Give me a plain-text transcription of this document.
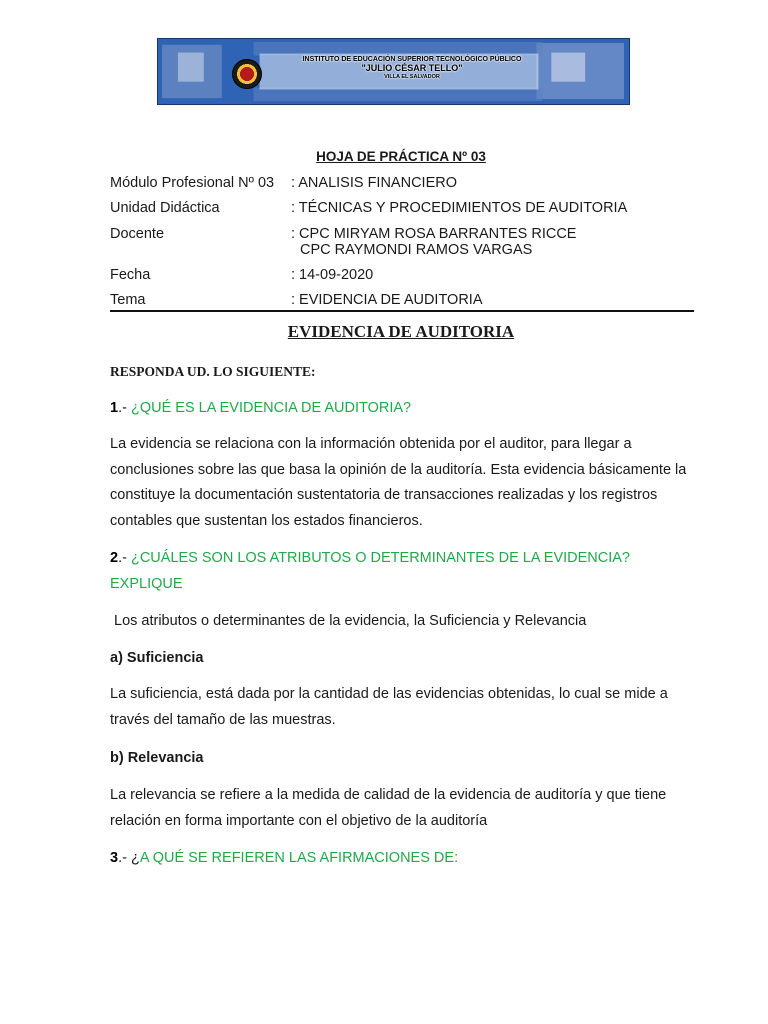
INSTITUTO DE EDUCACIÓN SUPERIOR TECNOLÓGICO PÚBLICO
"JULIO CÉSAR TELLO"
VILLA EL SALVADOR
HOJA DE PRÁCTICA Nº 03
Módulo Profesional Nº 03 : ANALISIS FINANCIERO
Unidad Didáctica	: TÉCNICAS Y PROCEDIMIENTOS DE AUDITORIA
Docente	: CPC MIRYAM ROSA BARRANTES RICCE
CPC RAYMONDI RAMOS VARGAS
Fecha	: 14-09-2020
Tema	: EVIDENCIA DE AUDITORIA
EVIDENCIA DE AUDITORIA
RESPONDA UD. LO SIGUIENTE:
1.- ¿QUÉ ES LA EVIDENCIA DE AUDITORIA?
La evidencia se relaciona con la información obtenida por el auditor, para llegar a conclusiones sobre las que basa la opinión de la auditoría. Esta evidencia básicamente la constituye la documentación sustentatoria de transacciones realizadas y los registros contables que sustentan los estados financieros.
2.- ¿CUÁLES SON LOS ATRIBUTOS O DETERMINANTES DE LA EVIDENCIA? EXPLIQUE
Los atributos o determinantes de la evidencia, la Suficiencia y Relevancia
a) Suficiencia
La suficiencia, está dada por la cantidad de las evidencias obtenidas, lo cual se mide a través del tamaño de las muestras.
b) Relevancia
La relevancia se refiere a la medida de calidad de la evidencia de auditoría y que tiene relación en forma importante con el objetivo de la auditoría
3.- ¿A QUÉ SE REFIEREN LAS AFIRMACIONES DE:
